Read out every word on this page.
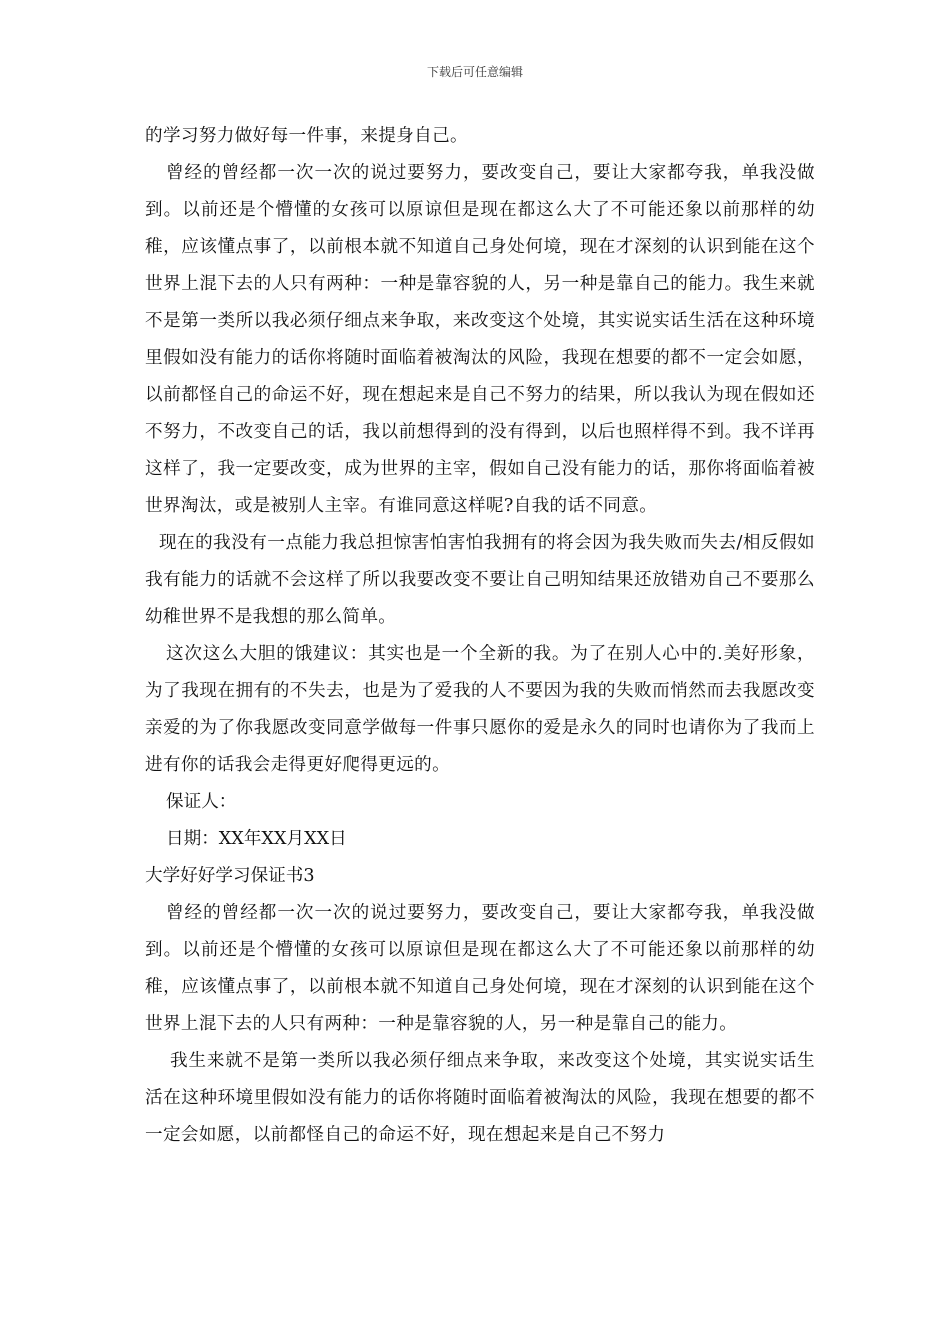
下载后可任意编辑

的学习努力做好每一件事，来提身自己。

曾经的曾经都一次一次的说过要努力，要改变自己，要让大家都夸我，单我没做到。以前还是个懵懂的女孩可以原谅但是现在都这么大了不可能还象以前那样的幼稚，应该懂点事了，以前根本就不知道自己身处何境，现在才深刻的认识到能在这个世界上混下去的人只有两种：一种是靠容貌的人，另一种是靠自己的能力。我生来就不是第一类所以我必须仔细点来争取，来改变这个处境，其实说实话生活在这种环境里假如没有能力的话你将随时面临着被淘汰的风险，我现在想要的都不一定会如愿，以前都怪自己的命运不好，现在想起来是自己不努力的结果，所以我认为现在假如还不努力，不改变自己的话，我以前想得到的没有得到，以后也照样得不到。我不详再这样了，我一定要改变，成为世界的主宰，假如自己没有能力的话，那你将面临着被世界淘汰，或是被别人主宰。有谁同意这样呢?自我的话不同意。

现在的我没有一点能力我总担惊害怕害怕我拥有的将会因为我失败而失去/相反假如我有能力的话就不会这样了所以我要改变不要让自己明知结果还放错劝自己不要那么幼稚世界不是我想的那么简单。

这次这么大胆的饿建议：其实也是一个全新的我。为了在别人心中的.美好形象，为了我现在拥有的不失去，也是为了爱我的人不要因为我的失败而悄然而去我愿改变亲爱的为了你我愿改变同意学做每一件事只愿你的爱是永久的同时也请你为了我而上进有你的话我会走得更好爬得更远的。

保证人：

日期：XX年XX月XX日

大学好好学习保证书3

曾经的曾经都一次一次的说过要努力，要改变自己，要让大家都夸我，单我没做到。以前还是个懵懂的女孩可以原谅但是现在都这么大了不可能还象以前那样的幼稚，应该懂点事了，以前根本就不知道自己身处何境，现在才深刻的认识到能在这个世界上混下去的人只有两种：一种是靠容貌的人，另一种是靠自己的能力。

我生来就不是第一类所以我必须仔细点来争取，来改变这个处境，其实说实话生活在这种环境里假如没有能力的话你将随时面临着被淘汰的风险，我现在想要的都不一定会如愿，以前都怪自己的命运不好，现在想起来是自己不努力
